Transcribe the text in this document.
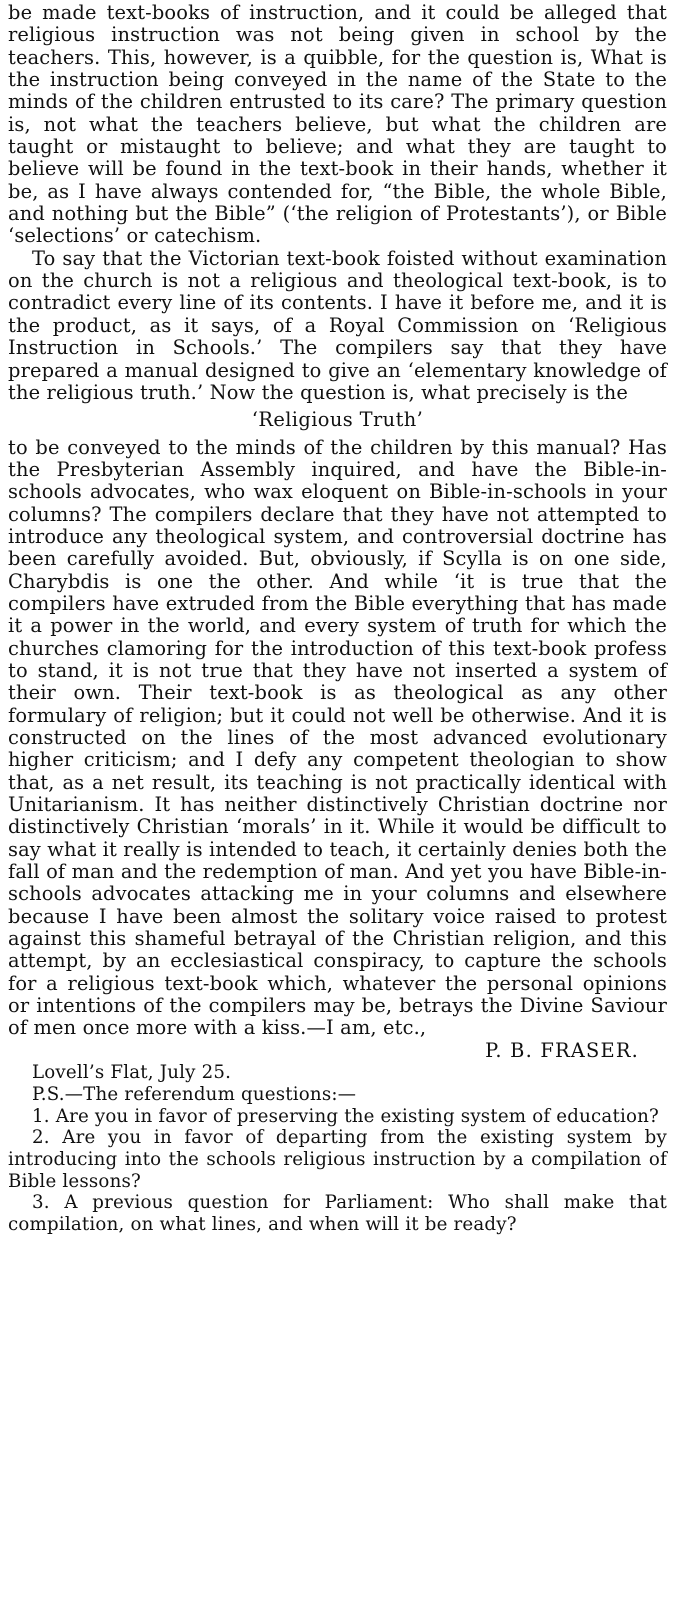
be made text-books of instruction, and it could be alleged that religious instruction was not being given in school by the teachers. This, however, is a quibble, for the question is, What is the instruction being conveyed in the name of the State to the minds of the children entrusted to its care? The primary question is, not what the teachers believe, but what the children are taught or mistaught to believe; and what they are taught to believe will be found in the text-book in their hands, whether it be, as I have always contended for, “the Bible, the whole Bible, and nothing but the Bible” (‘the religion of Protestants’), or Bible ‘selections’ or catechism.

To say that the Victorian text-book foisted without examination on the church is not a religious and theological text-book, is to contradict every line of its contents. I have it before me, and it is the product, as it says, of a Royal Commission on ‘Religious Instruction in Schools.’ The compilers say that they have prepared a manual designed to give an ‘elementary knowledge of the religious truth.’ Now the question is, what precisely is the

‘Religious Truth’

to be conveyed to the minds of the children by this manual? Has the Presbyterian Assembly inquired, and have the Bible-in-schools advocates, who wax eloquent on Bible-in-schools in your columns? The compilers declare that they have not attempted to introduce any theological system, and controversial doctrine has been carefully avoided. But, obviously, if Scylla is on one side, Charybdis is one the other. And while ‘it is true that the compilers have extruded from the Bible everything that has made it a power in the world, and every system of truth for which the churches clamoring for the introduction of this text-book profess to stand, it is not true that they have not inserted a system of their own. Their text-book is as theological as any other formulary of religion; but it could not well be otherwise. And it is constructed on the lines of the most advanced evolutionary higher criticism; and I defy any competent theologian to show that, as a net result, its teaching is not practically identical with Unitarianism. It has neither distinctively Christian doctrine nor distinctively Christian ‘morals’ in it. While it would be difficult to say what it really is intended to teach, it certainly denies both the fall of man and the redemption of man. And yet you have Bible-in-schools advocates attacking me in your columns and elsewhere because I have been almost the solitary voice raised to protest against this shameful betrayal of the Christian religion, and this attempt, by an ecclesiastical conspiracy, to capture the schools for a religious text-book which, whatever the personal opinions or intentions of the compilers may be, betrays the Divine Saviour of men once more with a kiss.—I am, etc.,

P. B. FRASER.

Lovell’s Flat, July 25.

P.S.—The referendum questions:—

1. Are you in favor of preserving the existing system of education?

2. Are you in favor of departing from the existing system by introducing into the schools religious instruction by a compilation of Bible lessons?

3. A previous question for Parliament: Who shall make that compilation, on what lines, and when will it be ready?
